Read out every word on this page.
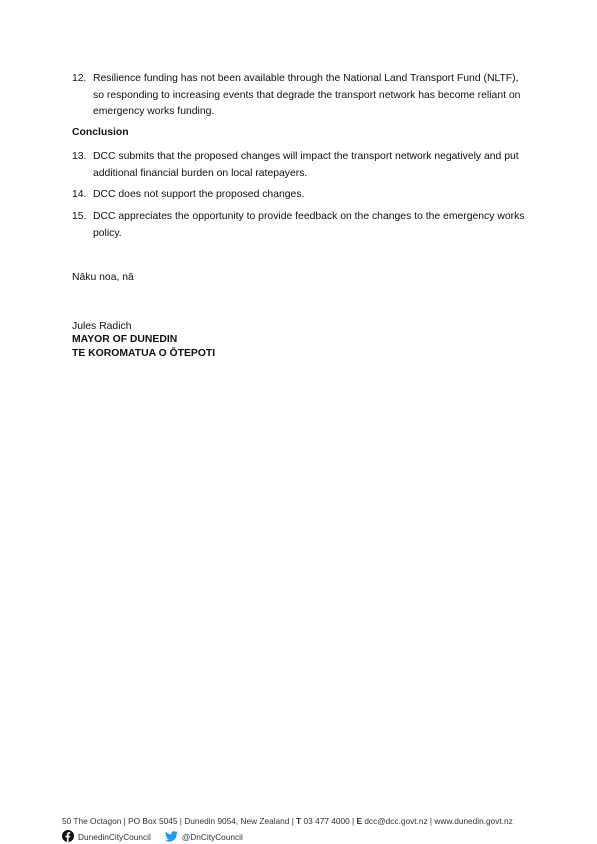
12. Resilience funding has not been available through the National Land Transport Fund (NLTF), so responding to increasing events that degrade the transport network has become reliant on emergency works funding.
Conclusion
13. DCC submits that the proposed changes will impact the transport network negatively and put additional financial burden on local ratepayers.
14. DCC does not support the proposed changes.
15. DCC appreciates the opportunity to provide feedback on the changes to the emergency works policy.
Nāku noa, nā
Jules Radich
MAYOR OF DUNEDIN
TE KOROMATUA O ŌTEPOTI
50 The Octagon | PO Box 5045 | Dunedin 9054, New Zealand | T 03 477 4000 | E dcc@dcc.govt.nz | www.dunedin.govt.nz
DunedinCityCouncil	@DnCityCouncil
